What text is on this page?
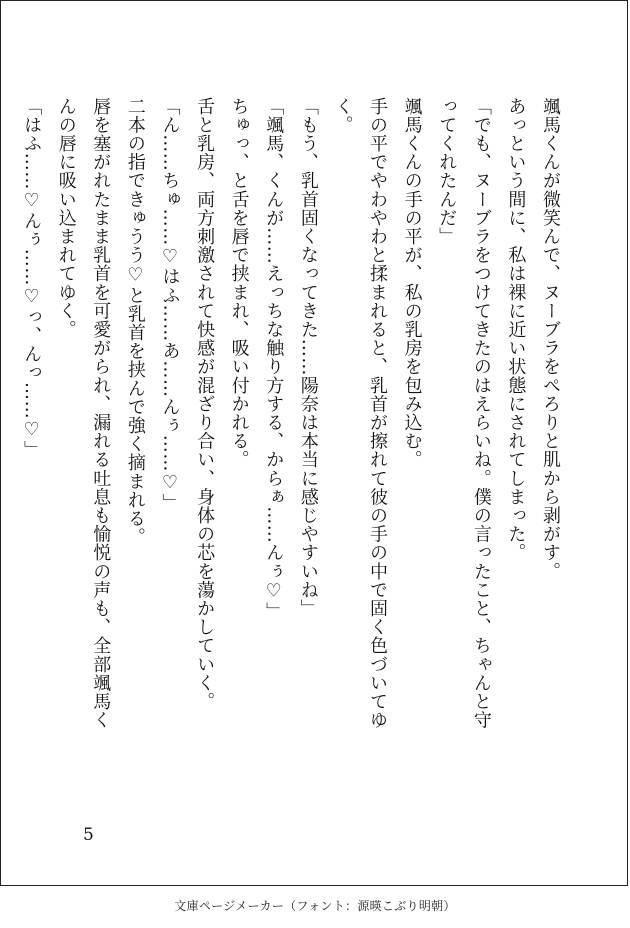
颯馬くんが微笑んで、ヌーブラをぺろりと肌から剥がす。

あっという間に、私は裸に近い状態にされてしまった。

「でも、ヌーブラをつけてきたのはえらいね。僕の言ったこと、ちゃんと守ってくれたんだ」

颯馬くんの手の平が、私の乳房を包み込む。

手の平でやわやわと揉まれると、乳首が擦れて彼の手の中で固く色づいてゆく。

「もう、乳首固くなってきた……陽奈は本当に感じやすいね」

「颯馬、くんが……えっちな触り方する、からぁ……んぅ♡」

ちゅっ、と舌を唇で挟まれ、吸い付かれる。

舌と乳房、両方刺激されて快感が混ざり合い、身体の芯を蕩かしていく。

「ん……ちゅ……♡はふ……あ……んぅ……♡」

二本の指できゅうう♡と乳首を挟んで強く摘まれる。

唇を塞がれたまま乳首を可愛がられ、漏れる吐息も愉悦の声も、全部颯馬くんの唇に吸い込まれてゆく。

「はふ……♡んぅ……♡っ、んっ……♡」

5
文庫ページメーカー（フォント：源暎こぶり明朝）
